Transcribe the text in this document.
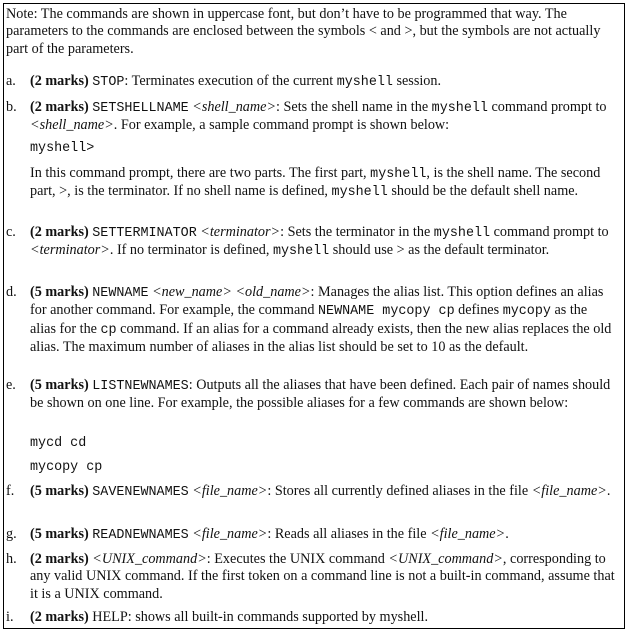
Note: The commands are shown in uppercase font, but don’t have to be programmed that way. The parameters to the commands are enclosed between the symbols < and >, but the symbols are not actually part of the parameters.
a. (2 marks) STOP: Terminates execution of the current myshell session.
b. (2 marks) SETSHELLNAME <shell_name>: Sets the shell name in the myshell command prompt to <shell_name>. For example, a sample command prompt is shown below:
myshell>
In this command prompt, there are two parts. The first part, myshell, is the shell name. The second part, >, is the terminator. If no shell name is defined, myshell should be the default shell name.
c. (2 marks) SETTERMINATOR <terminator>: Sets the terminator in the myshell command prompt to <terminator>. If no terminator is defined, myshell should use > as the default terminator.
d. (5 marks) NEWNAME <new_name> <old_name>: Manages the alias list. This option defines an alias for another command. For example, the command NEWNAME mycopy cp defines mycopy as the alias for the cp command. If an alias for a command already exists, then the new alias replaces the old alias. The maximum number of aliases in the alias list should be set to 10 as the default.
e. (5 marks) LISTNEWNAMES: Outputs all the aliases that have been defined. Each pair of names should be shown on one line. For example, the possible aliases for a few commands are shown below:
mycd cd
mycopy cp
f. (5 marks) SAVENEWNAMES <file_name>: Stores all currently defined aliases in the file <file_name>.
g. (5 marks) READNEWNAMES <file_name>: Reads all aliases in the file <file_name>.
h. (2 marks) <UNIX_command>: Executes the UNIX command <UNIX_command>, corresponding to any valid UNIX command. If the first token on a command line is not a built-in command, assume that it is a UNIX command.
i. (2 marks) HELP: shows all built-in commands supported by myshell.
